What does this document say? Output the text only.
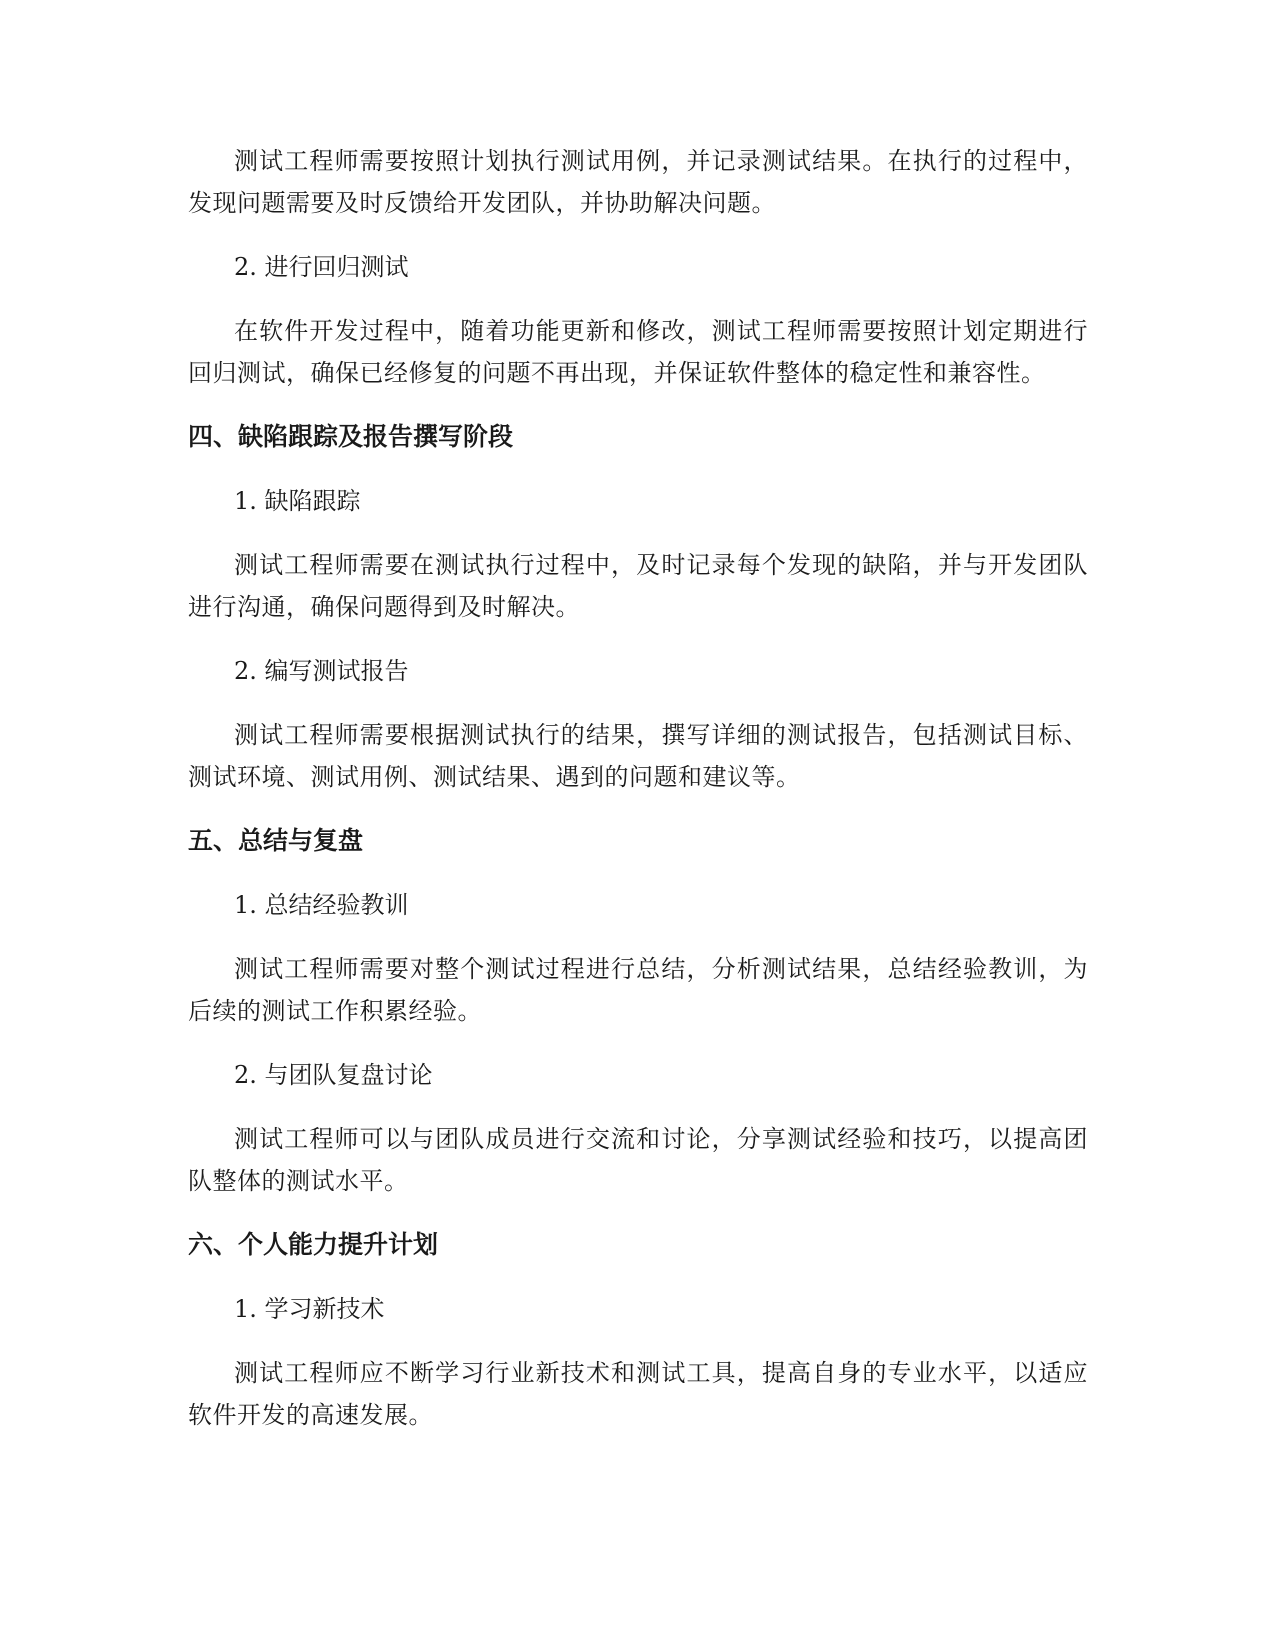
测试工程师需要按照计划执行测试用例，并记录测试结果。在执行的过程中，发现问题需要及时反馈给开发团队，并协助解决问题。

2. 进行回归测试

在软件开发过程中，随着功能更新和修改，测试工程师需要按照计划定期进行回归测试，确保已经修复的问题不再出现，并保证软件整体的稳定性和兼容性。

四、缺陷跟踪及报告撰写阶段

1. 缺陷跟踪

测试工程师需要在测试执行过程中，及时记录每个发现的缺陷，并与开发团队进行沟通，确保问题得到及时解决。

2. 编写测试报告

测试工程师需要根据测试执行的结果，撰写详细的测试报告，包括测试目标、测试环境、测试用例、测试结果、遇到的问题和建议等。

五、总结与复盘

1. 总结经验教训

测试工程师需要对整个测试过程进行总结，分析测试结果，总结经验教训，为后续的测试工作积累经验。

2. 与团队复盘讨论

测试工程师可以与团队成员进行交流和讨论，分享测试经验和技巧，以提高团队整体的测试水平。

六、个人能力提升计划

1. 学习新技术

测试工程师应不断学习行业新技术和测试工具，提高自身的专业水平，以适应软件开发的高速发展。
